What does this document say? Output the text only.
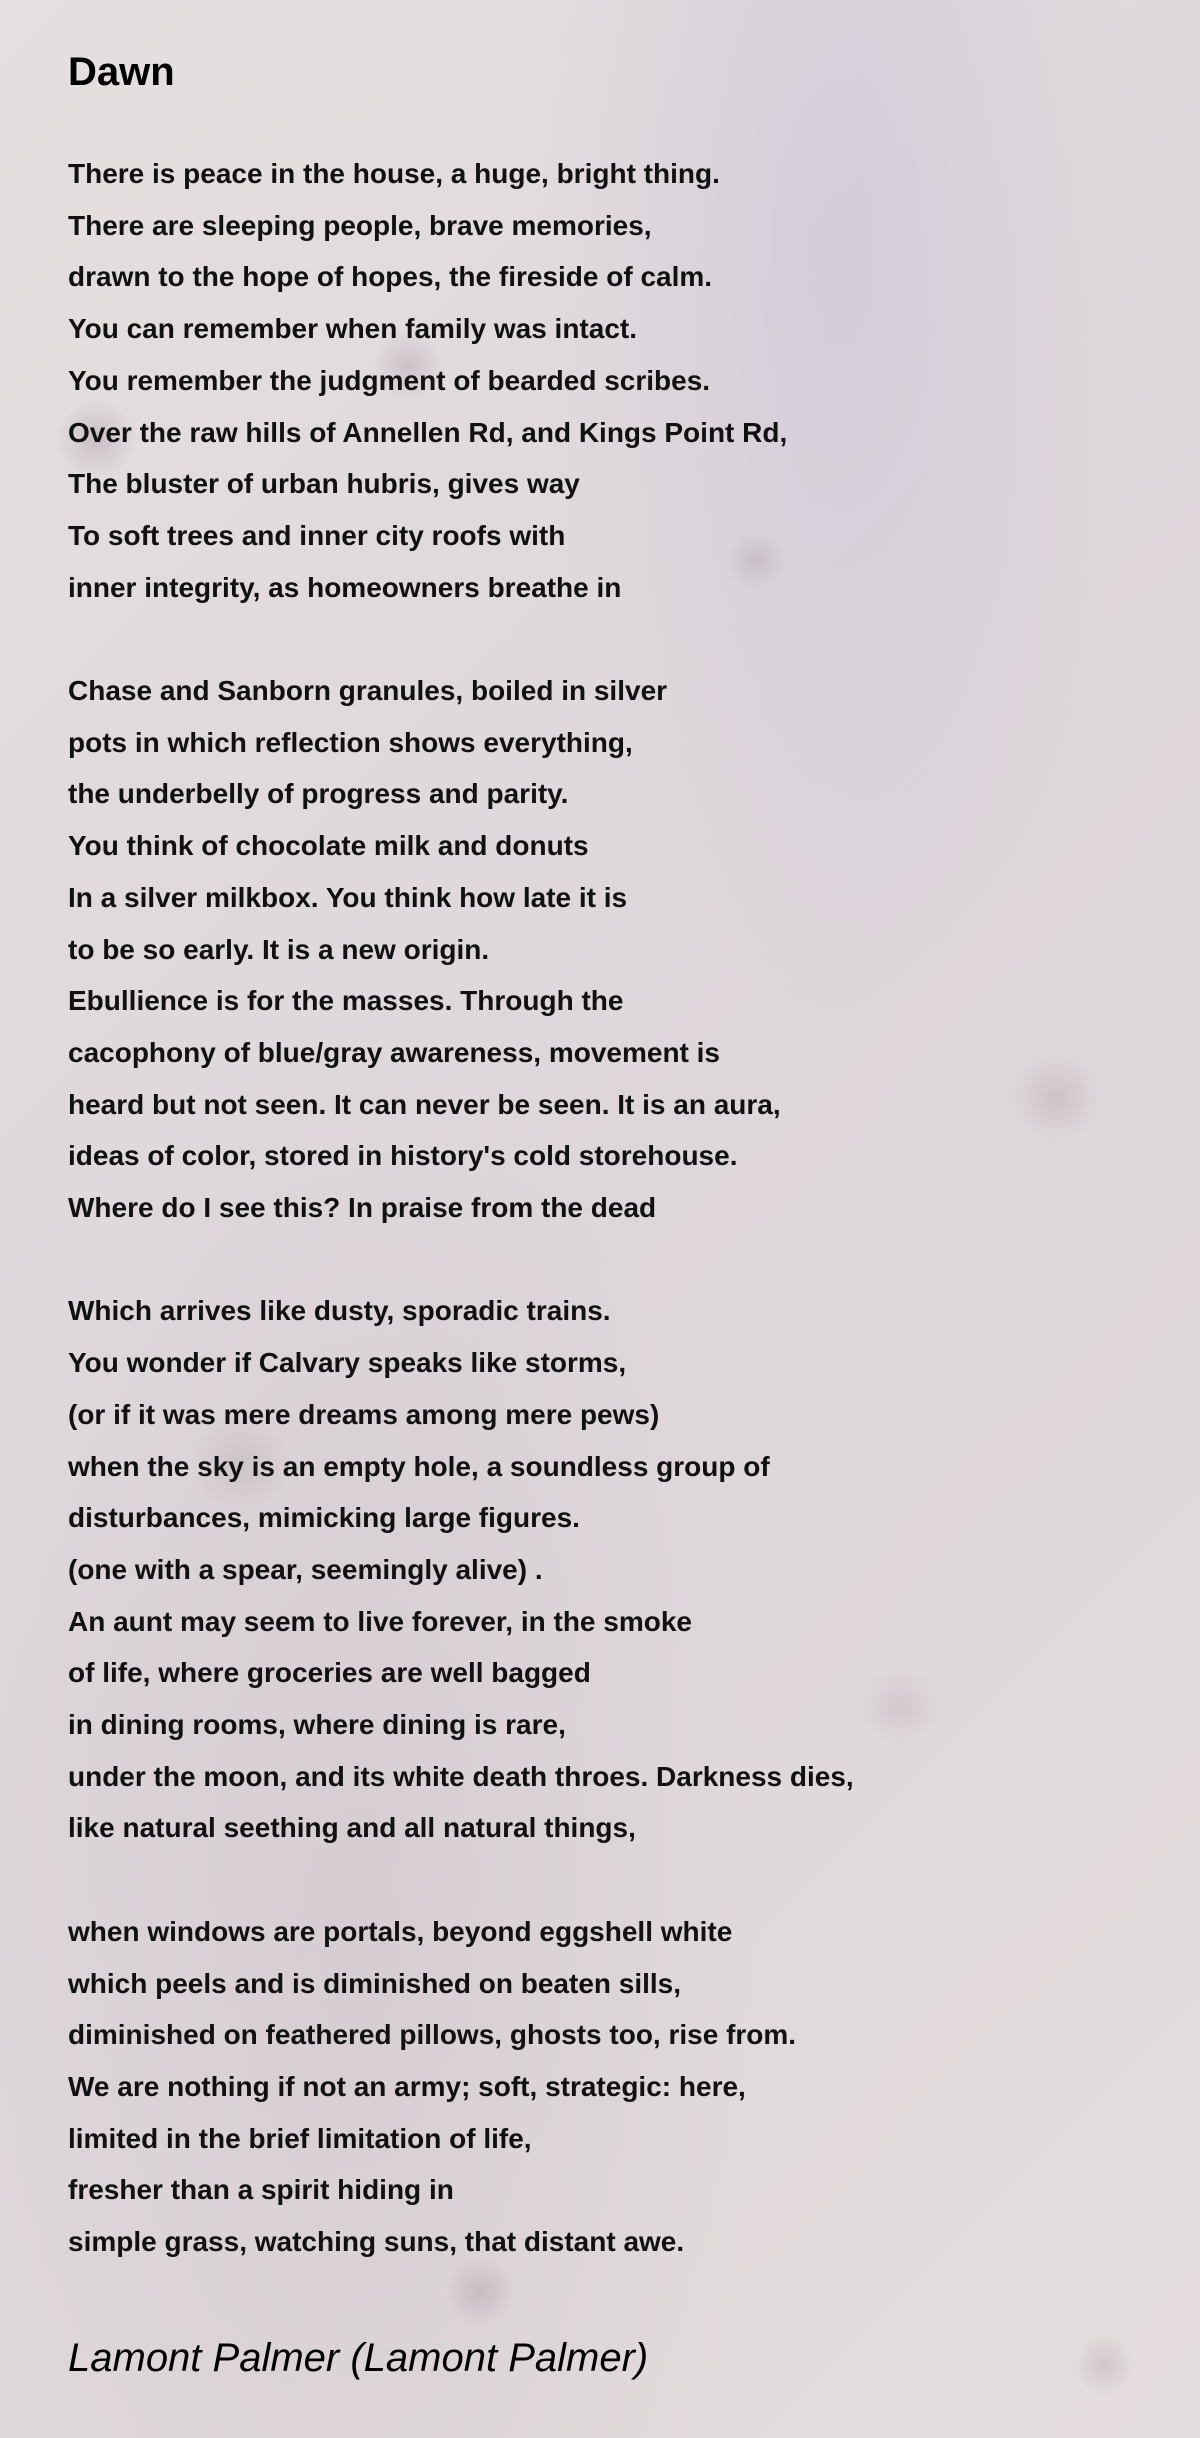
Dawn

There is peace in the house, a huge, bright thing.
There are sleeping people, brave memories,
drawn to the hope of hopes, the fireside of calm.
You can remember when family was intact.
You remember the judgment of bearded scribes.
Over the raw hills of Annellen Rd, and Kings Point Rd,
The bluster of urban hubris, gives way
To soft trees and inner city roofs with
inner integrity, as homeowners breathe in

Chase and Sanborn granules, boiled in silver
pots in which reflection shows everything,
the underbelly of progress and parity.
You think of chocolate milk and donuts
In a silver milkbox. You think how late it is
to be so early. It is a new origin.
Ebullience is for the masses. Through the
cacophony of blue/gray awareness, movement is
heard but not seen. It can never be seen. It is an aura,
ideas of color, stored in history's cold storehouse.
Where do I see this? In praise from the dead

Which arrives like dusty, sporadic trains.
You wonder if Calvary speaks like storms,
(or if it was mere dreams among mere pews)
when the sky is an empty hole, a soundless group of
disturbances, mimicking large figures.
(one with a spear, seemingly alive) .
An aunt may seem to live forever, in the smoke
of life, where groceries are well bagged
in dining rooms, where dining is rare,
under the moon, and its white death throes. Darkness dies,
like natural seething and all natural things,

when windows are portals, beyond eggshell white
which peels and is diminished on beaten sills,
diminished on feathered pillows, ghosts too, rise from.
We are nothing if not an army; soft, strategic: here,
limited in the brief limitation of life,
fresher than a spirit hiding in
simple grass, watching suns, that distant awe.

Lamont Palmer (Lamont Palmer)
